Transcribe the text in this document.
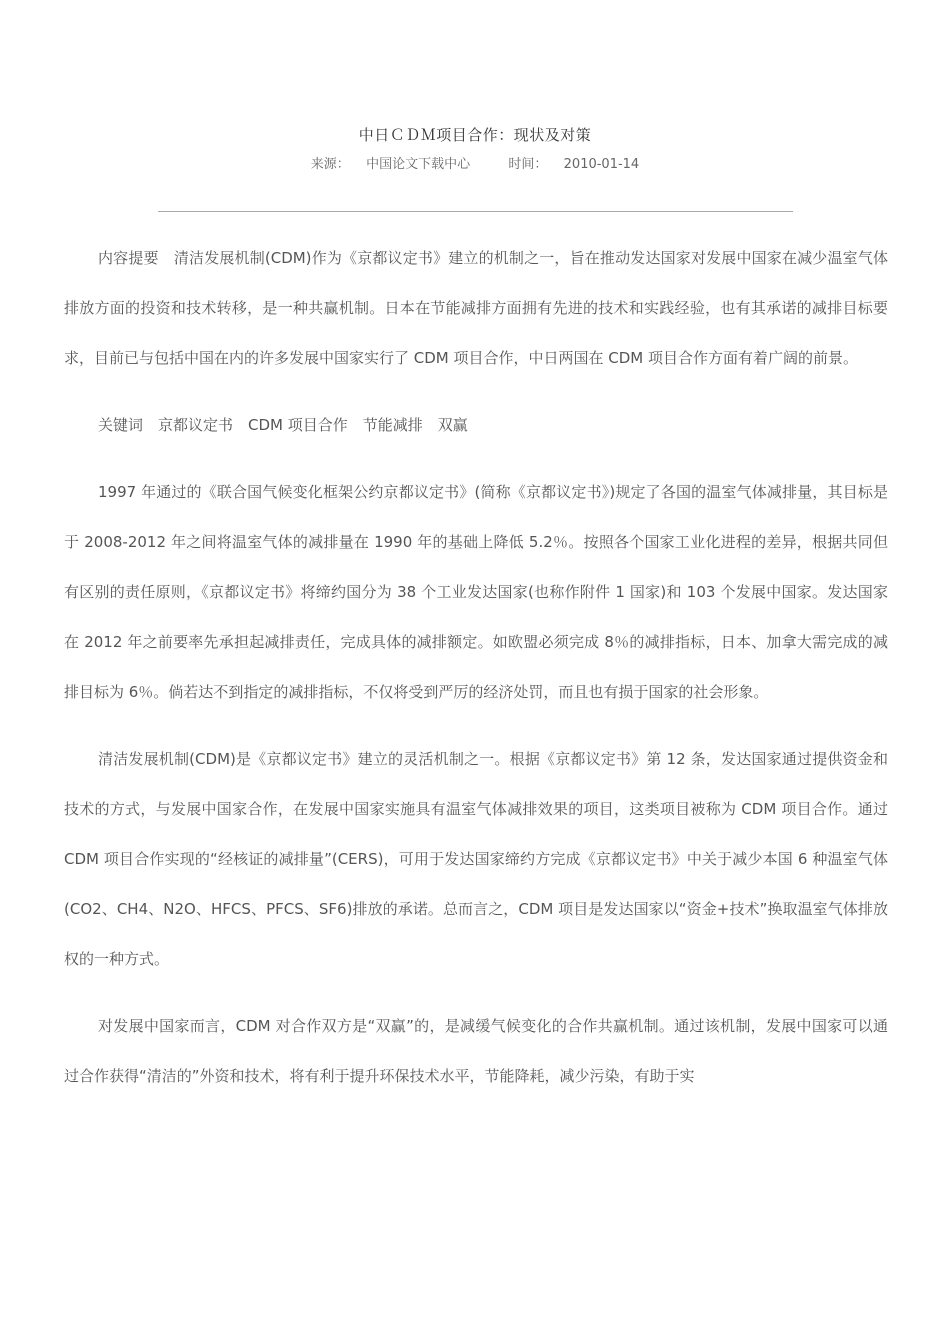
中日ＣＤＭ项目合作：现状及对策
来源： 中国论文下载中心	时间： 2010-01-14

内容提要　清洁发展机制(CDM)作为《京都议定书》建立的机制之一，旨在推动发达国家对发展中国家在减少温室气体排放方面的投资和技术转移，是一种共赢机制。日本在节能减排方面拥有先进的技术和实践经验，也有其承诺的减排目标要求，目前已与包括中国在内的许多发展中国家实行了 CDM 项目合作，中日两国在 CDM 项目合作方面有着广阔的前景。

关键词　京都议定书　CDM 项目合作　节能减排　双赢

1997 年通过的《联合国气候变化框架公约京都议定书》(简称《京都议定书》)规定了各国的温室气体减排量，其目标是于 2008-2012 年之间将温室气体的减排量在 1990 年的基础上降低 5.2％。按照各个国家工业化进程的差异，根据共同但有区别的责任原则，《京都议定书》将缔约国分为 38 个工业发达国家(也称作附件 1 国家)和 103 个发展中国家。发达国家在 2012 年之前要率先承担起减排责任，完成具体的减排额定。如欧盟必须完成 8％的减排指标，日本、加拿大需完成的减排目标为 6％。倘若达不到指定的减排指标，不仅将受到严厉的经济处罚，而且也有损于国家的社会形象。

清洁发展机制(CDM)是《京都议定书》建立的灵活机制之一。根据《京都议定书》第 12 条，发达国家通过提供资金和技术的方式，与发展中国家合作，在发展中国家实施具有温室气体减排效果的项目，这类项目被称为 CDM 项目合作。通过 CDM 项目合作实现的“经核证的减排量”(CERS)，可用于发达国家缔约方完成《京都议定书》中关于减少本国 6 种温室气体(CO2、CH4、N2O、HFCS、PFCS、SF6)排放的承诺。总而言之，CDM 项目是发达国家以“资金+技术”换取温室气体排放权的一种方式。

对发展中国家而言，CDM 对合作双方是“双赢”的，是减缓气候变化的合作共赢机制。通过该机制，发展中国家可以通过合作获得“清洁的”外资和技术，将有利于提升环保技术水平，节能降耗，减少污染，有助于实
